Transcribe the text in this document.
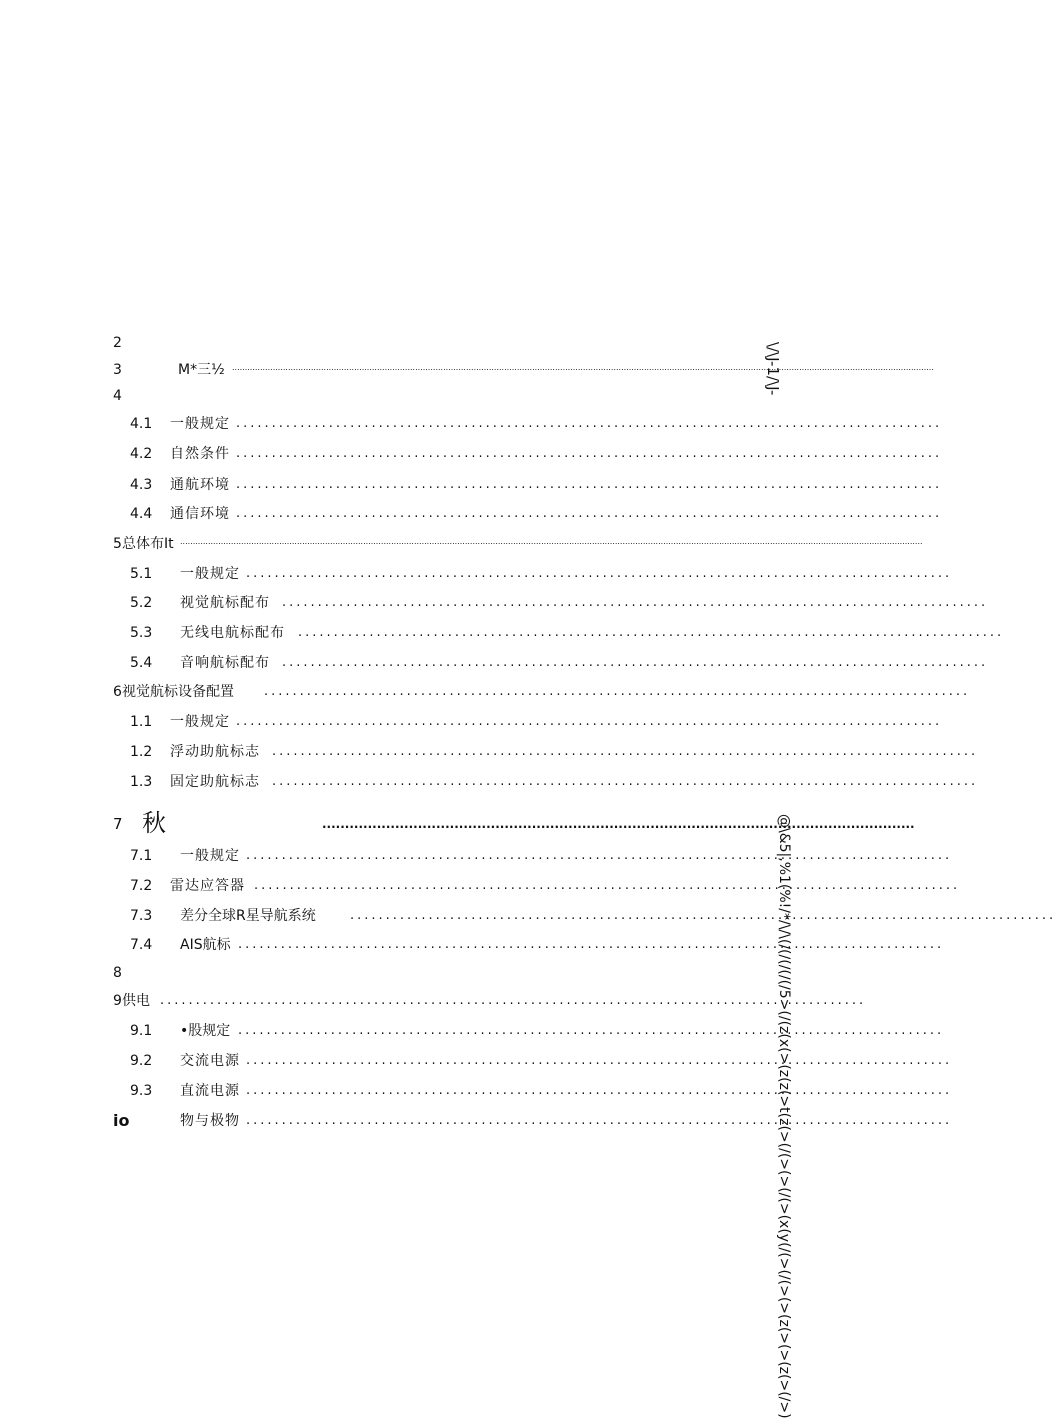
2
3	M*三½ ....................................................................................................................................................................................................................................................................................
4
4.1 一般规定 ...................................................................................................
4.2 自然条件 ...................................................................................................
4.3 通航环境 ...................................................................................................
4.4 通信环境 ...................................................................................................
5 总体布It ....................................................................................................................................................................................................................................................................................................
5.1 一般规定 ...................................................................................................
5.2 视觉航标配布 ...................................................................................................
5.3 无线电航标配布 ...................................................................................................
5.4 音响航标配布 ...................................................................................................
6 视觉航标设备配置 ...................................................................................................
1.1 一般规定 ...................................................................................................
1.2 浮动助航标志 ...................................................................................................
1.3 固定助航标志 ...................................................................................................
7 秋	..................................................................................................................................
7.1 一般规定 ...................................................................................................
7.2 雷达应答器 ...................................................................................................
7.3 差分全球R星导航系统	...................................................................................................
7.4 AIS航标 ...................................................................................................
8
9 供电 ...................................................................................................
9.1 •股规定 ...................................................................................................
9.2 交流电源 ...................................................................................................
9.3 直流电源 ...................................................................................................
io	物与极物 ...................................................................................................
\/\J-1/\J-
@\&5|,%1(%!/*/\/\(/(/(/(/(/5>(/(z(x(>(z(z(>t(z(>(/(>(>(/(>(x(y(/(>(/(>(>(z(>(>(z(>(/>)
